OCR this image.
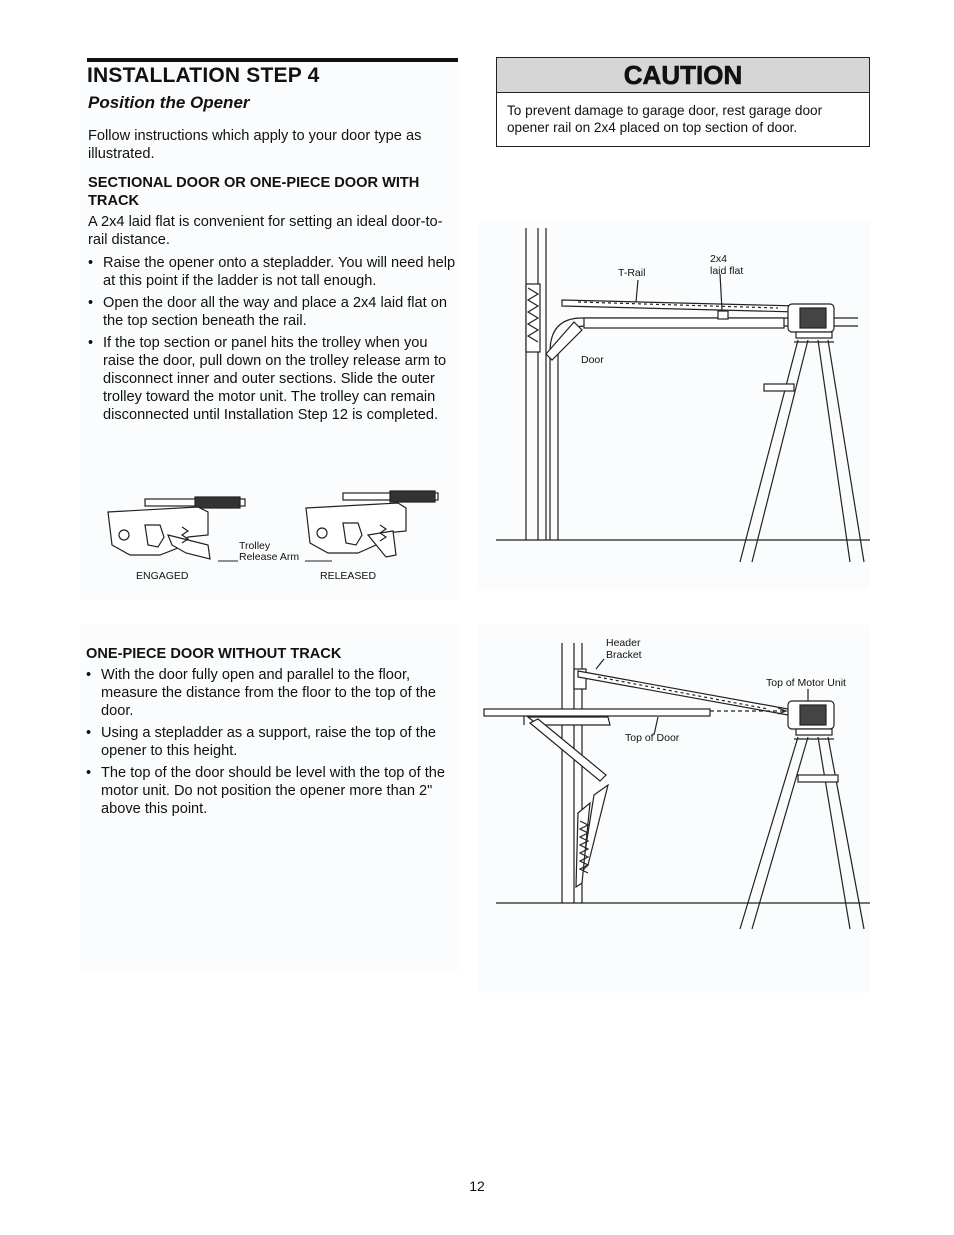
INSTALLATION STEP 4
Position the Opener
Follow instructions which apply to your door type as illustrated.
SECTIONAL DOOR OR ONE-PIECE DOOR WITH TRACK
A 2x4 laid flat is convenient for setting an ideal door-to-rail distance.
• Raise the opener onto a stepladder. You will need help at this point if the ladder is not tall enough.
• Open the door all the way and place a 2x4 laid flat on the top section beneath the rail.
• If the top section or panel hits the trolley when you raise the door, pull down on the trolley release arm to disconnect inner and outer sections. Slide the outer trolley toward the motor unit. The trolley can remain disconnected until Installation Step 12 is completed.
Trolley
Release Arm
ENGAGED	RELEASED
ONE-PIECE DOOR WITHOUT TRACK
• With the door fully open and parallel to the floor, measure the distance from the floor to the top of the door.
• Using a stepladder as a support, raise the top of the opener to this height.
• The top of the door should be level with the top of the motor unit. Do not position the opener more than 2" above this point.
CAUTION
To prevent damage to garage door, rest garage door opener rail on 2x4 placed on top section of door.
T-Rail
2x4
laid flat
Door
Header
Bracket
Top of Motor Unit
Top of Door
12
